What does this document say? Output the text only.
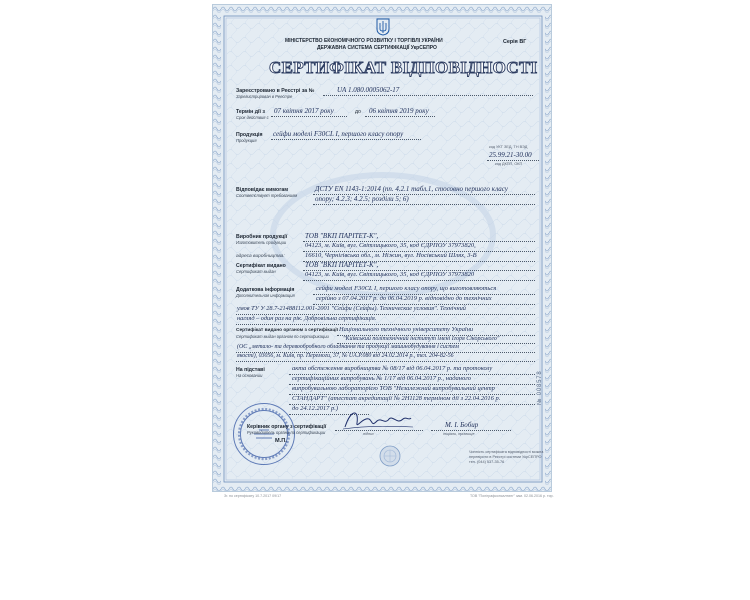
МІНІСТЕРСТВО ЕКОНОМІЧНОГО РОЗВИТКУ І ТОРГІВЛІ УКРАЇНИ
ДЕРЖАВНА СИСТЕМА СЕРТИФІКАЦІЇ УкрСЕПРО
Серія ВГ
СЕРТИФІКАТ ВІДПОВІДНОСТІ
Зареєстровано в Реєстрі за №
Зарегистрирован в Реестре
UA 1.080.0005062-17
Термін дії з
Срок действия с
07 квітня 2017 року	до 06 квітня 2019 року
Продукція
Продукция
сейфи моделі F30CL I, першого класу опору
код УКТ ЗЕД, ТН ВЭД
25.99.21-30.00
код ДКПП, ОКП
Відповідає вимогам
Соответствует требованиям
ДСТУ EN 1143-1:2014 (пп. 4.2.1 табл.1, стосовно першого класу
опору; 4.2.3; 4.2.5; розділи 5; 6)
Виробник продукції
Изготовитель продукции
ТОВ "ВКП ПАРІТЕТ-К",
04123, м. Київ, вул. Світлицького, 35, код ЄДРПОУ 37973820,
адреса виробництва:	16610, Чернігівська обл., м. Ніжин, вул. Носівський Шлях, 3-В
Сертифікат видано
Сертификат выдан
ТОВ "ВКП ПАРІТЕТ-К",
04123, м. Київ, вул. Світлицького, 35, код ЄДРПОУ 37973820
Додаткова інформація
Дополнительная информация
сейфи моделі F30CL I, першого класу опору, що виготовляються
серійно з 07.04.2017 р. до 06.04.2019 р. відповідно до технічних
умов ТУ У 28.7-21488112.001-2001 "Сейфи (Сейфы). Технические условия". Технічний
нагляд – один раз на рік. Добровільна сертифікація.
Сертифікат видано органом з сертифікації
Сертификат выдан органом по сертификации
Національного технічного університету України
"Київський політехнічний інститут імені Ігоря Сікорського"
(ОС „метало- та деревообробного обладнання та продукції машинобудування і систем
якості), 03056, м. Київ, пр. Перемоги, 37, № UA.P.080 від 24.02.2014 р., тел. 204-82-56
На підставі
На основании
акта обстеження виробництва № 08/17 від 06.04.2017 р. та протоколу
сертифікаційних випробувань № 1/17 від 06.04.2017 р., наданого
випробувальною лабораторією ТОВ "Незалежний випробувальний центр
СТАНДАРТ" (атестат акредитації № 2Н1128 терміном дії з 22.04.2016 р.
до 24.12.2017 р.)
Керівник органу з сертифікації
Руководитель органа по сертификации
М.П.
підпис
М. І. Бобир
ініціали, прізвище
Чинність сертифіката відповідності можна
перевірити в Реєстрі системи УкрСЕПРО
тел. (044) 537-35-76
№ 008578
Зг. по сертифікату 10.7.2017 09/17	ТОВ "Поліграфконсалтинг" зам. 02.06.2016 р. тир.
